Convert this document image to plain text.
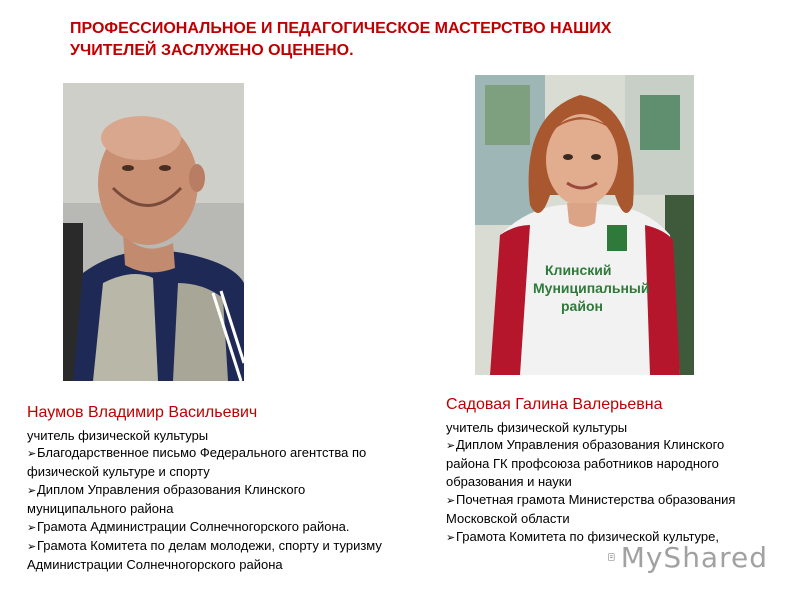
ПРОФЕССИОНАЛЬНОЕ И ПЕДАГОГИЧЕСКОЕ МАСТЕРСТВО НАШИХ
УЧИТЕЛЕЙ ЗАСЛУЖЕНО ОЦЕНЕНО.
Клинский
Муниципальный
район
Наумов Владимир Васильевич
учитель физической культуры
➢Благодарственное письмо Федерального агентства по физической культуре и спорту
➢Диплом Управления образования Клинского муниципального района
➢Грамота Администрации Солнечногорского района.
➢Грамота Комитета по делам молодежи, спорту и туризму Администрации Солнечногорского района
Садовая Галина Валерьевна
учитель физической культуры
➢Диплом Управления образования Клинского района ГК профсоюза работников народного образования и науки
➢Почетная грамота Министерства образования Московской области
➢Грамота Комитета по физической культуре,
MyShared
